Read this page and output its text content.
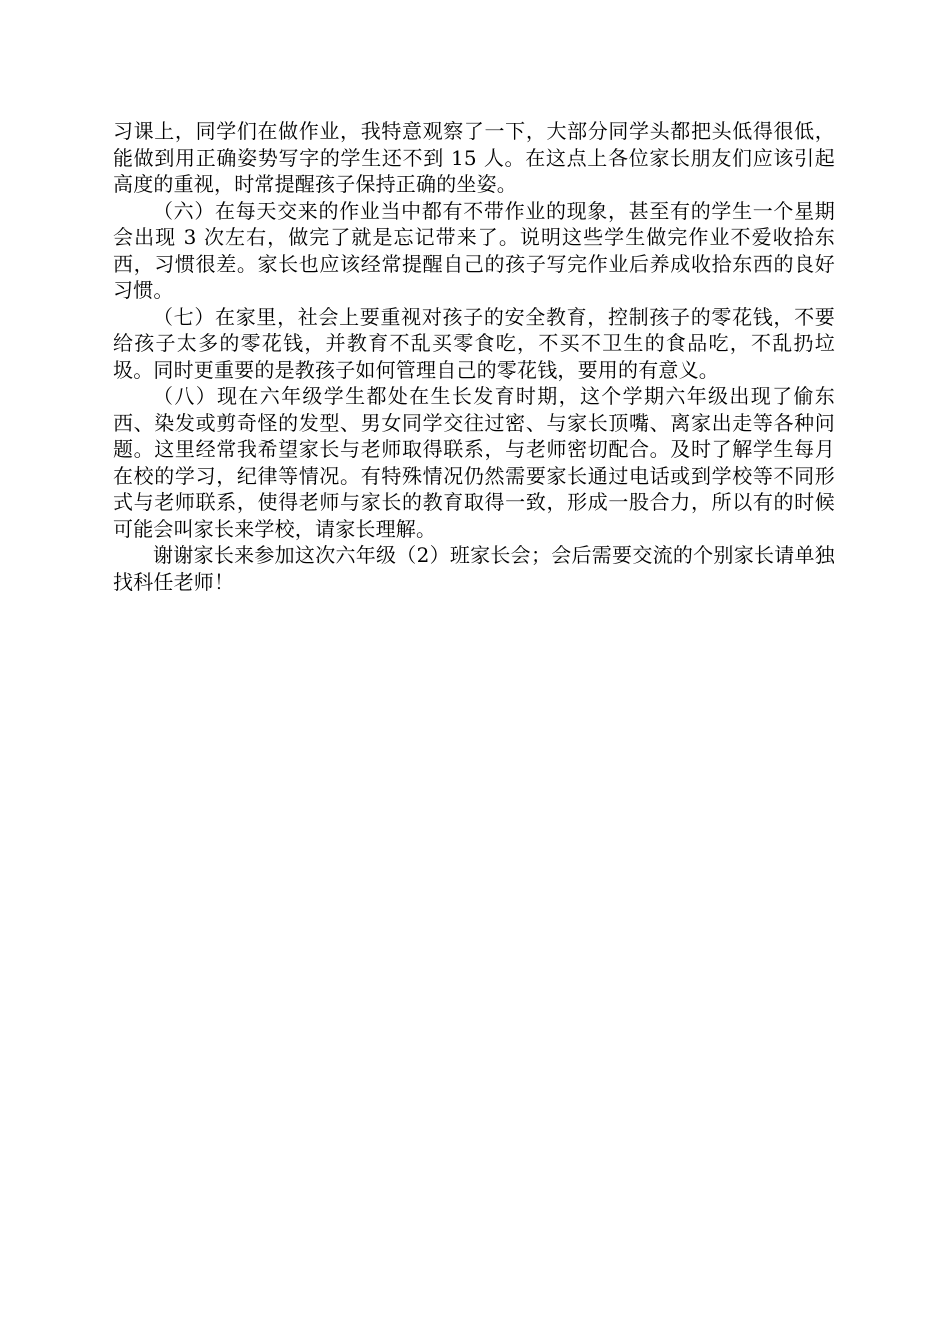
习课上，同学们在做作业，我特意观察了一下，大部分同学头都把头低得很低，能做到用正确姿势写字的学生还不到 15 人。在这点上各位家长朋友们应该引起高度的重视，时常提醒孩子保持正确的坐姿。

（六）在每天交来的作业当中都有不带作业的现象，甚至有的学生一个星期会出现 3 次左右，做完了就是忘记带来了。说明这些学生做完作业不爱收拾东西，习惯很差。家长也应该经常提醒自己的孩子写完作业后养成收拾东西的良好习惯。

（七）在家里，社会上要重视对孩子的安全教育，控制孩子的零花钱，不要给孩子太多的零花钱，并教育不乱买零食吃，不买不卫生的食品吃，不乱扔垃圾。同时更重要的是教孩子如何管理自己的零花钱，要用的有意义。

（八）现在六年级学生都处在生长发育时期，这个学期六年级出现了偷东西、染发或剪奇怪的发型、男女同学交往过密、与家长顶嘴、离家出走等各种问题。这里经常我希望家长与老师取得联系，与老师密切配合。及时了解学生每月在校的学习，纪律等情况。有特殊情况仍然需要家长通过电话或到学校等不同形式与老师联系，使得老师与家长的教育取得一致，形成一股合力，所以有的时候可能会叫家长来学校，请家长理解。

谢谢家长来参加这次六年级（2）班家长会；会后需要交流的个别家长请单独找科任老师！
